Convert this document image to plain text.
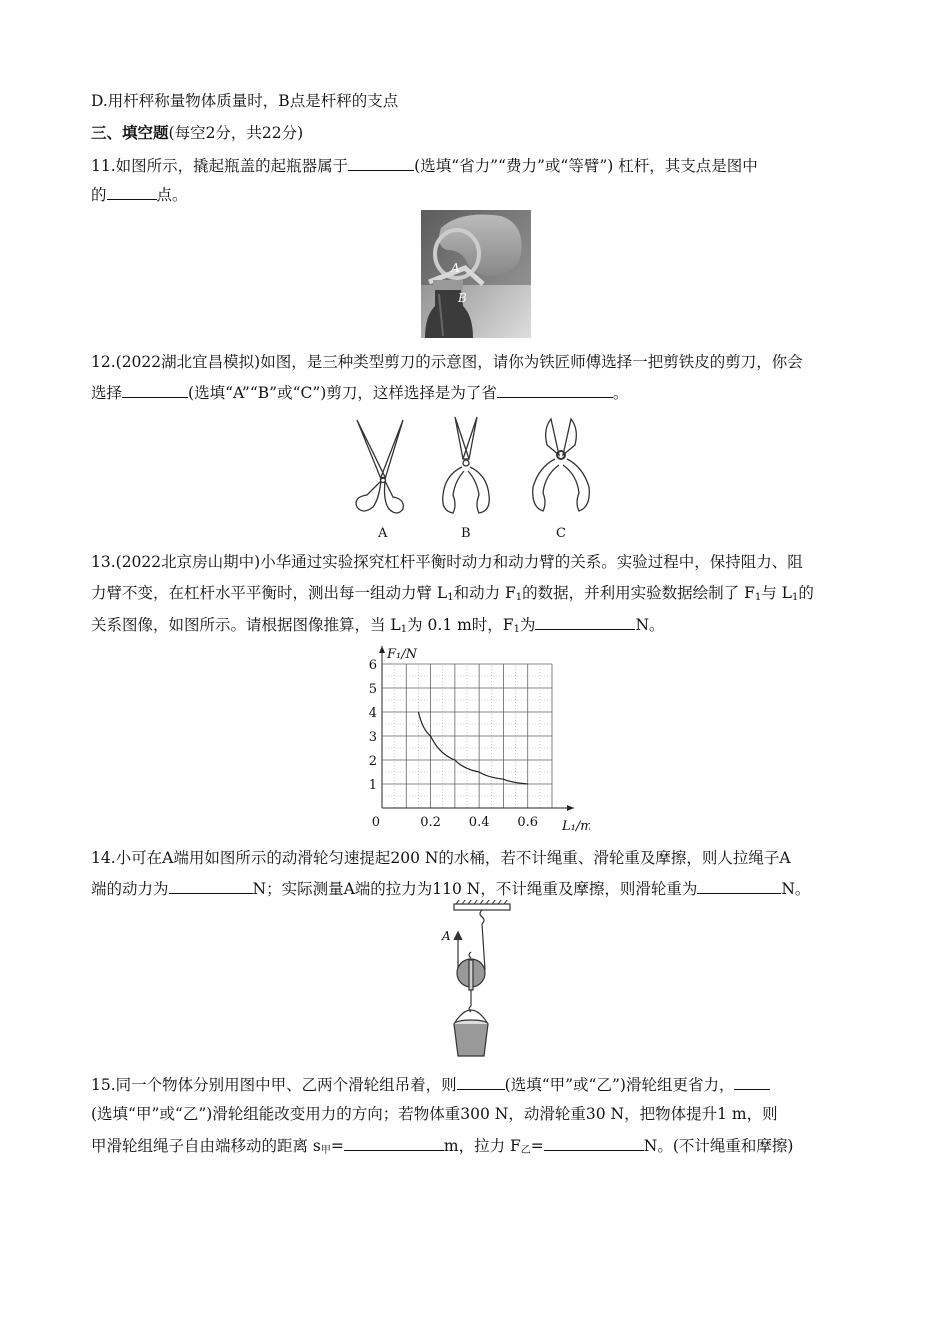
D.用杆秤称量物体质量时，B点是杆秤的支点
三、填空题(每空2分，共22分)
11.如图所示，撬起瓶盖的起瓶器属于	(选填“省力”“费力”或“等臂”) 杠杆，其支点是图中
的	点。
A
B
12.(2022湖北宜昌模拟)如图，是三种类型剪刀的示意图，请你为铁匠师傅选择一把剪铁皮的剪刀，你会
选择	(选填“A”“B”或“C”)剪刀，这样选择是为了省	。
A	B	C
13.(2022北京房山期中)小华通过实验探究杠杆平衡时动力和动力臂的关系。实验过程中，保持阻力、阻
力臂不变，在杠杆水平平衡时，测出每一组动力臂 $L_1$和动力 $F_1$的数据，并利用实验数据绘制了 $F_1$与 $L_1$的
关系图像，如图所示。请根据图像推算，当 $L_1$为 0.1 m时，$F_1$为	N。
1
2
3
4
5
6
0	0.2 0.4 0.6
F₁/N
L₁/m
14.小可在A端用如图所示的动滑轮匀速提起200 N的水桶，若不计绳重、滑轮重及摩擦，则人拉绳子A
端的动力为	N；实际测量A端的拉力为110 N，不计绳重及摩擦，则滑轮重为	N。
A
15.同一个物体分别用图中甲、乙两个滑轮组吊着，则	(选填“甲”或“乙”)滑轮组更省力，
(选填“甲”或“乙”)滑轮组能改变用力的方向；若物体重300 N，动滑轮重30 N，把物体提升1 m，则
甲滑轮组绳子自由端移动的距离 $s_甲=$	m，拉力 $F_乙=$	N。(不计绳重和摩擦)
